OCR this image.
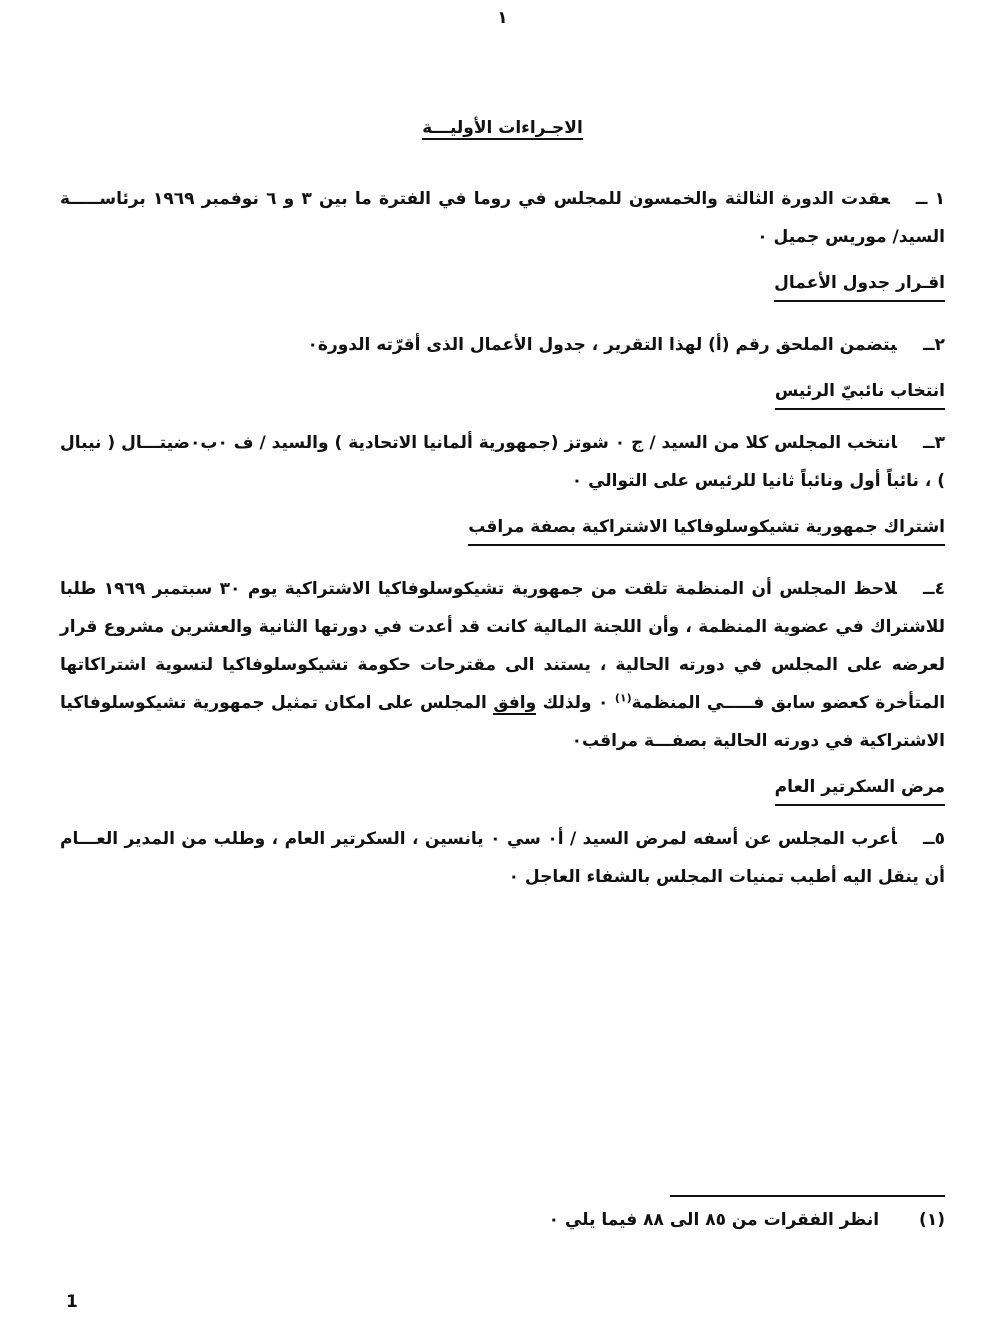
١
الاجـراءات الأوليـــة

١ ــعقدت الدورة الثالثة والخمسون للمجلس في روما في الفترة ما بين ٣ و ٦ نوفمبر ١٩٦٩ برئاســـــة السيد/ موريس جميل ٠

اقـرار جدول الأعمال

٢ــيتضمن الملحق رقم (أ) لهذا التقرير ، جدول الأعمال الذى أقرّته الدورة٠

انتخاب نائبيّ الرئيس

٣ــانتخب المجلس كلا من السيد / ج ٠ شوتز (جمهورية ألمانيا الاتحادية ) والسيد / ف ٠ب٠ضيتـــال ( نيبال ) ، نائباً أول ونائباً ثانيا للرئيس على التوالي ٠

اشتراك جمهورية تشيكوسلوفاكيا الاشتراكية بصفة مراقب

٤ــلاحظ المجلس أن المنظمة تلقت من جمهورية تشيكوسلوفاكيا الاشتراكية يوم ٣٠ سبتمبر ١٩٦٩ طلبا للاشتراك في عضوية المنظمة ، وأن اللجنة المالية كانت قد أعدت في دورتها الثانية والعشرين مشروع قرار لعرضه على المجلس في دورته الحالية ، يستند الى مقترحات حكومة تشيكوسلوفاكيا لتسوية اشتراكاتها المتأخرة كعضو سابق فـــــي المنظمة$^{(١)}$ ٠ ولذلك وافق المجلس على امكان تمثيل جمهورية تشيكوسلوفاكيا الاشتراكية في دورته الحالية بصفـــة مراقب٠

مرض السكرتير العام

٥ــأعرب المجلس عن أسفه لمرض السيد / أ٠ سي ٠ يانسين ، السكرتير العام ، وطلب من المدير العـــام أن ينقل اليه أطيب تمنيات المجلس بالشفاء العاجل ٠

(١)انظر الفقرات من ٨٥ الى ٨٨ فيما يلي ٠
1
